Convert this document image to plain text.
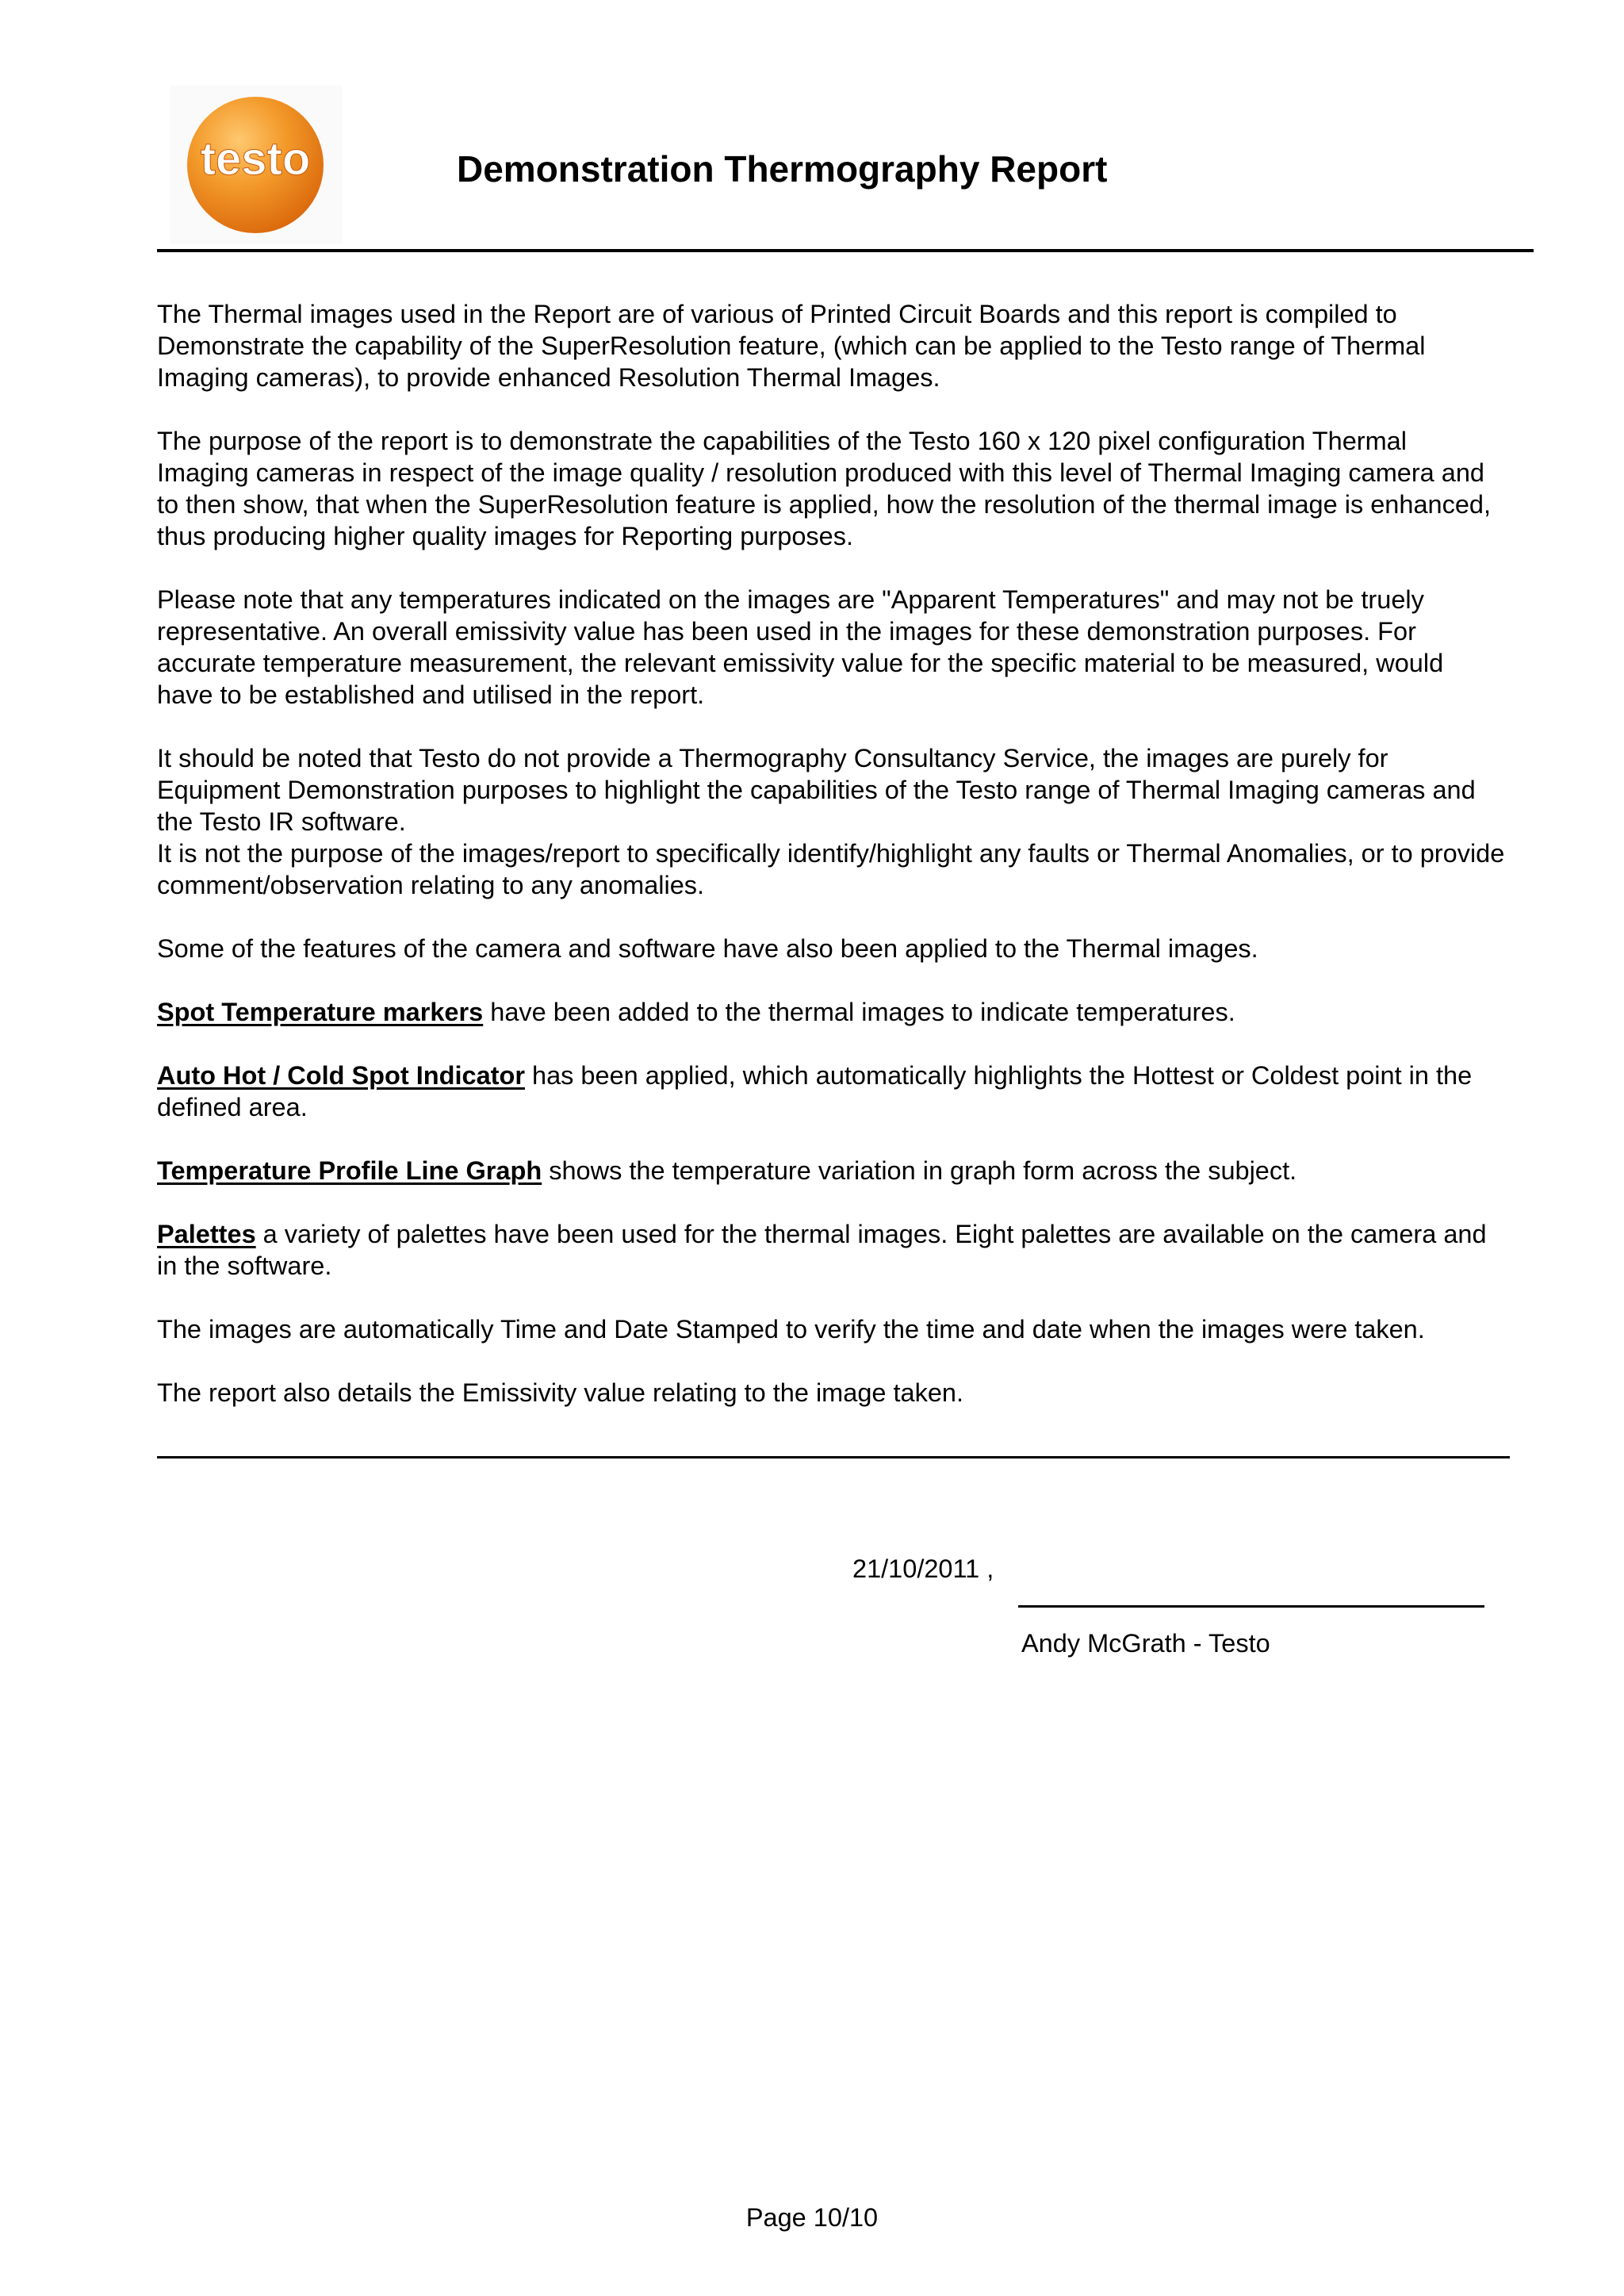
testo	Demonstration Thermography Report

The Thermal images used in the Report are of various of Printed Circuit Boards and this report is compiled to Demonstrate the capability of the SuperResolution feature, (which can be applied to the Testo range of Thermal Imaging cameras), to provide enhanced Resolution Thermal Images.

The purpose of the report is to demonstrate the capabilities of the Testo 160 x 120 pixel configuration Thermal Imaging cameras in respect of the image quality / resolution produced with this level of Thermal Imaging camera and to then show, that when the SuperResolution feature is applied, how the resolution of the thermal image is enhanced, thus producing higher quality images for Reporting purposes.

Please note that any temperatures indicated on the images are "Apparent Temperatures" and may not be truely representative. An overall emissivity value has been used in the images for these demonstration purposes. For accurate temperature measurement, the relevant emissivity value for the specific material to be measured, would have to be established and utilised in the report.

It should be noted that Testo do not provide a Thermography Consultancy Service, the images are purely for Equipment Demonstration purposes to highlight the capabilities of the Testo range of Thermal Imaging cameras and the Testo IR software.

It is not the purpose of the images/report to specifically identify/highlight any faults or Thermal Anomalies, or to provide comment/observation relating to any anomalies.

Some of the features of the camera and software have also been applied to the Thermal images.

Spot Temperature markers have been added to the thermal images to indicate temperatures.

Auto Hot / Cold Spot Indicator has been applied, which automatically highlights the Hottest or Coldest point in the defined area.

Temperature Profile Line Graph shows the temperature variation in graph form across the subject.

Palettes a variety of palettes have been used for the thermal images. Eight palettes are available on the camera and in the software.

The images are automatically Time and Date Stamped to verify the time and date when the images were taken.

The report also details the Emissivity value relating to the image taken.

21/10/2011 ,
Andy McGrath - Testo
Page 10/10
